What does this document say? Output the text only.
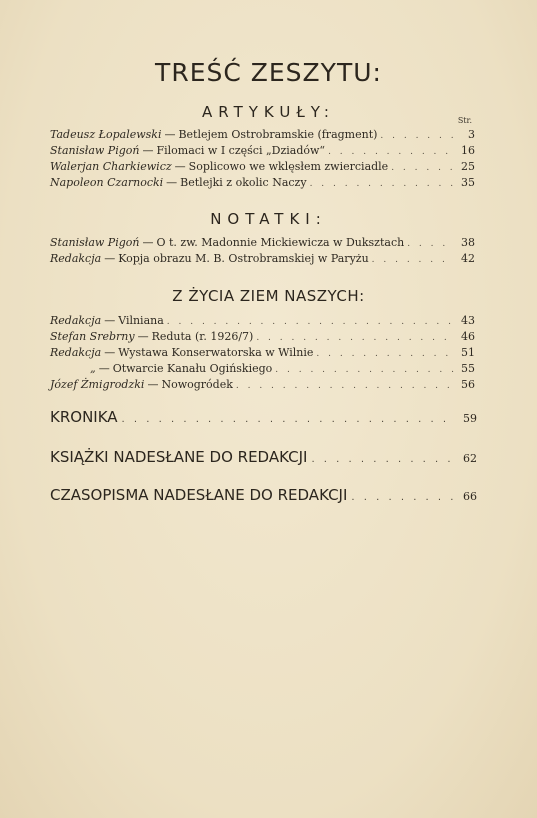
TREŚĆ ZESZYTU:
ARTYKUŁY:	Str.
Tadeusz Łopalewski — Betlejem Ostrobramskie (fragment) . . .	3
Stanisław Pigoń — Filomaci w I części „Dziadów“ . . .	16
Walerjan Charkiewicz — Soplicowo we wklęsłem zwierciadle . . .	25
Napoleon Czarnocki — Betlejki z okolic Naczy . . .	35
NOTATKI:
Stanisław Pigoń — O t. zw. Madonnie Mickiewicza w Duksztach . . .	38
Redakcja — Kopja obrazu M. B. Ostrobramskiej w Paryżu . . .	42
Z ŻYCIA ZIEM NASZYCH:
Redakcja — Vilniana . . .	43
Stefan Srebrny — Reduta (r. 1926/7) . . .	46
Redakcja — Wystawa Konserwatorska w Wilnie . . .	51
„ — Otwarcie Kanału Ogińskiego . . .	55
Józef Żmigrodzki — Nowogródek . . .	56
KRONIKA . . .	59
KSIĄŻKI NADESŁANE DO REDAKCJI . . .	62
CZASOPISMA NADESŁANE DO REDAKCJI . . .	66
